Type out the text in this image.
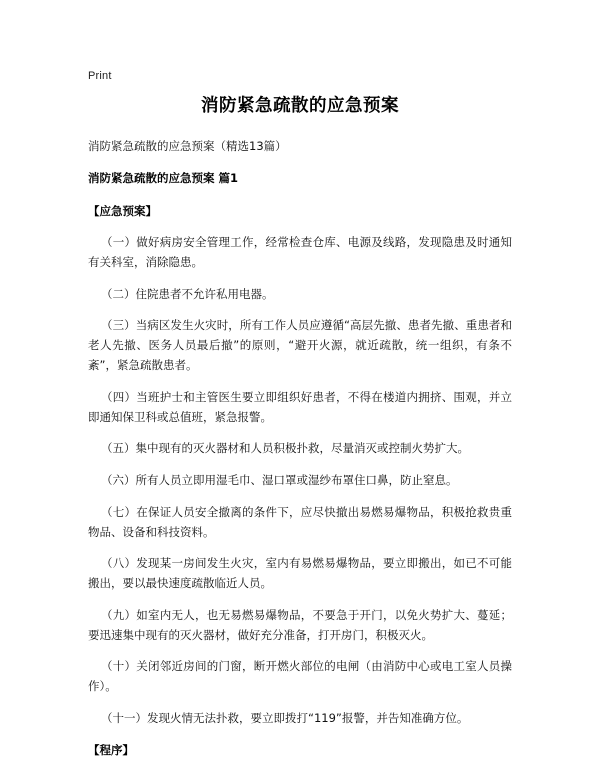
Print
消防紧急疏散的应急预案

消防紧急疏散的应急预案（精选13篇）

消防紧急疏散的应急预案 篇1

【应急预案】

（一）做好病房安全管理工作，经常检查仓库、电源及线路，发现隐患及时通知有关科室，消除隐患。

（二）住院患者不允许私用电器。

（三）当病区发生火灾时，所有工作人员应遵循“高层先撤、患者先撤、重患者和老人先撤、医务人员最后撤”的原则，“避开火源，就近疏散，统一组织，有条不紊”，紧急疏散患者。

（四）当班护士和主管医生要立即组织好患者，不得在楼道内拥挤、围观，并立即通知保卫科或总值班，紧急报警。

（五）集中现有的灭火器材和人员积极扑救，尽量消灭或控制火势扩大。

（六）所有人员立即用湿毛巾、湿口罩或湿纱布罩住口鼻，防止窒息。

（七）在保证人员安全撤离的条件下，应尽快撤出易燃易爆物品，积极抢救贵重物品、设备和科技资料。

（八）发现某一房间发生火灾，室内有易燃易爆物品，要立即搬出，如已不可能搬出，要以最快速度疏散临近人员。

（九）如室内无人，也无易燃易爆物品，不要急于开门，以免火势扩大、蔓延；要迅速集中现有的灭火器材，做好充分准备，打开房门，积极灭火。

（十）关闭邻近房间的门窗，断开燃火部位的电闸（由消防中心或电工室人员操作）。

（十一）发现火情无法扑救，要立即拨打“119”报警，并告知准确方位。

【程序】
